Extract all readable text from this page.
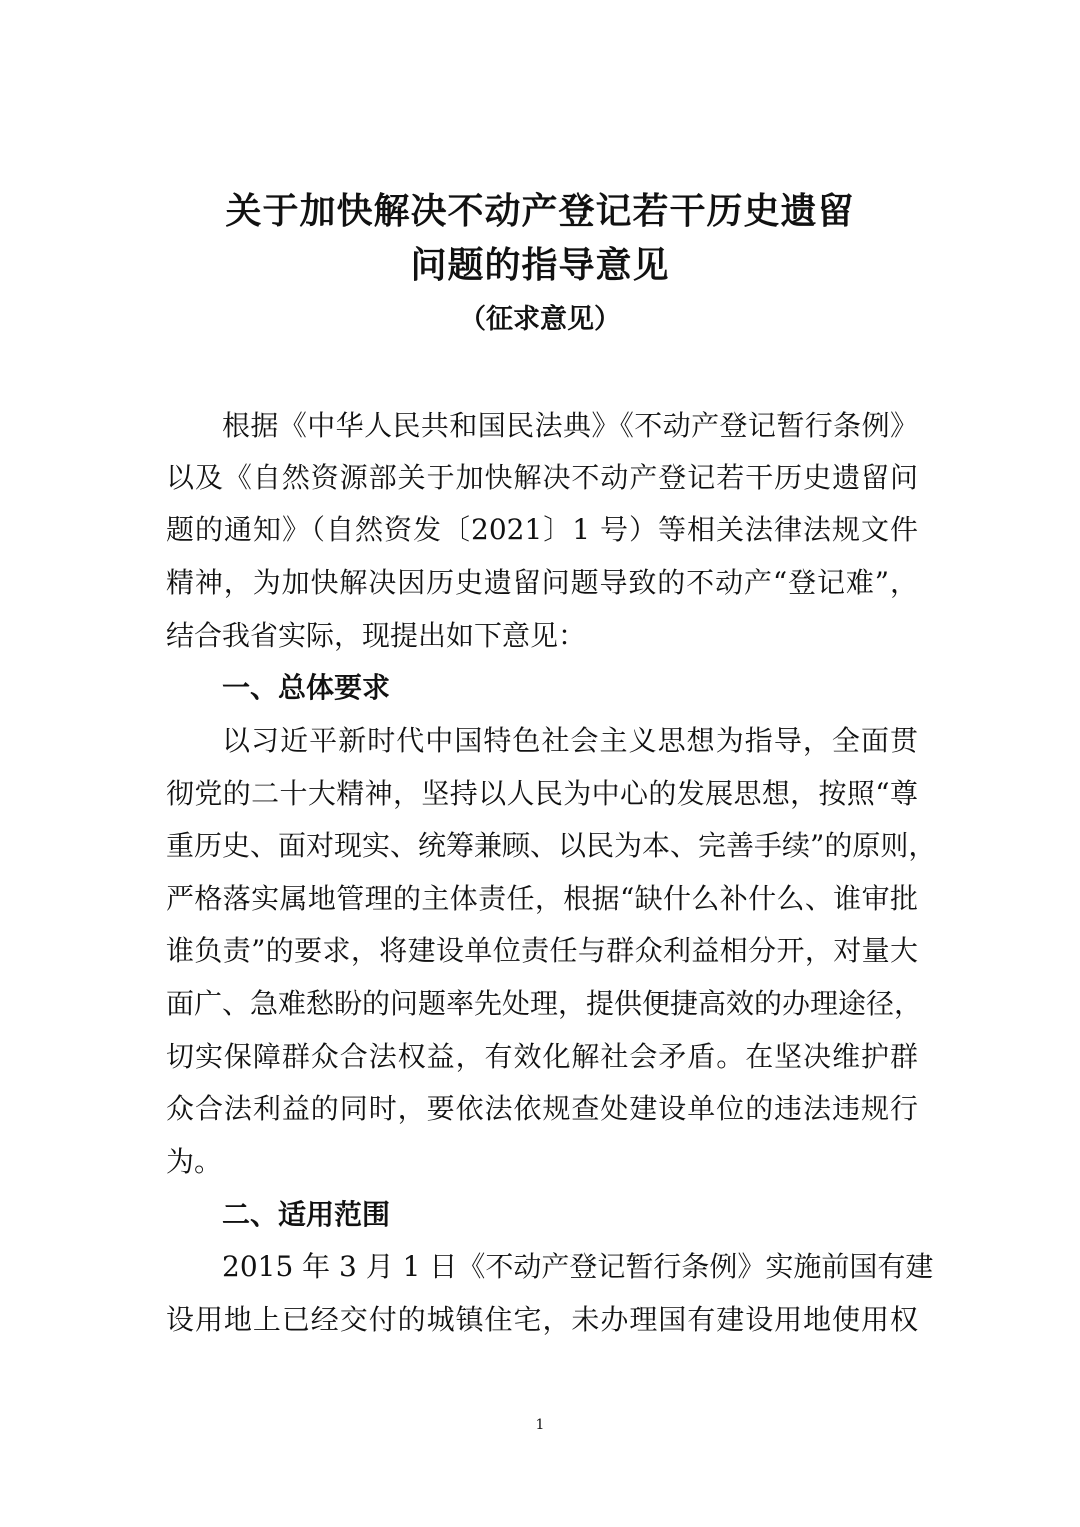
关于加快解决不动产登记若干历史遗留
问题的指导意见
（征求意见）
根据《中华人民共和国民法典》《不动产登记暂行条例》
以及《自然资源部关于加快解决不动产登记若干历史遗留问
题的通知》（自然资发〔2021〕1 号）等相关法律法规文件
精神，为加快解决因历史遗留问题导致的不动产“登记难”，
结合我省实际，现提出如下意见：
一、总体要求
以习近平新时代中国特色社会主义思想为指导，全面贯
彻党的二十大精神，坚持以人民为中心的发展思想，按照“尊
重历史、面对现实、统筹兼顾、以民为本、完善手续”的原则，
严格落实属地管理的主体责任，根据“缺什么补什么、谁审批
谁负责”的要求，将建设单位责任与群众利益相分开，对量大
面广、急难愁盼的问题率先处理，提供便捷高效的办理途径，
切实保障群众合法权益，有效化解社会矛盾。在坚决维护群
众合法利益的同时，要依法依规查处建设单位的违法违规行
为。
二、适用范围
2015 年 3 月 1 日《不动产登记暂行条例》实施前国有建
设用地上已经交付的城镇住宅，未办理国有建设用地使用权
1
